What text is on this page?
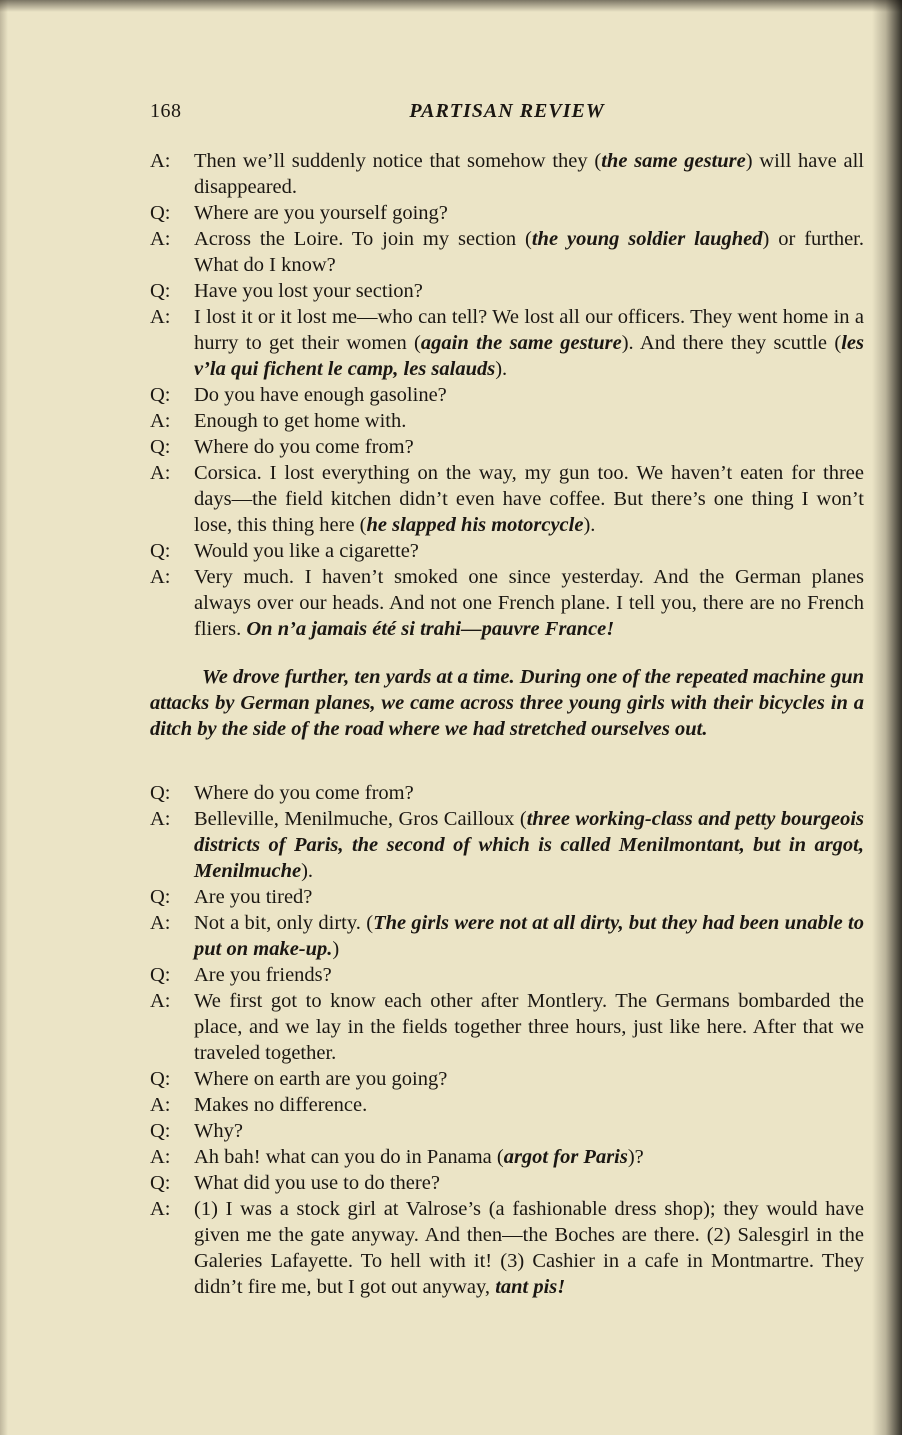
168	PARTISAN REVIEW
A:	Then we’ll suddenly notice that somehow they (the same gesture) will have all disappeared.
Q:	Where are you yourself going?
A:	Across the Loire. To join my section (the young soldier laughed) or further. What do I know?
Q:	Have you lost your section?
A:	I lost it or it lost me—who can tell? We lost all our officers. They went home in a hurry to get their women (again the same gesture). And there they scuttle (les v’la qui fichent le camp, les salauds).
Q:	Do you have enough gasoline?
A:	Enough to get home with.
Q:	Where do you come from?
A:	Corsica. I lost everything on the way, my gun too. We haven’t eaten for three days—the field kitchen didn’t even have coffee. But there’s one thing I won’t lose, this thing here (he slapped his motorcycle).
Q:	Would you like a cigarette?
A:	Very much. I haven’t smoked one since yesterday. And the German planes always over our heads. And not one French plane. I tell you, there are no French fliers. On n’a jamais été si trahi—pauvre France!
We drove further, ten yards at a time. During one of the repeated machine gun attacks by German planes, we came across three young girls with their bicycles in a ditch by the side of the road where we had stretched ourselves out.
Q:	Where do you come from?
A:	Belleville, Menilmuche, Gros Cailloux (three working-class and petty bourgeois districts of Paris, the second of which is called Menilmontant, but in argot, Menilmuche).
Q:	Are you tired?
A:	Not a bit, only dirty. (The girls were not at all dirty, but they had been unable to put on make-up.)
Q:	Are you friends?
A:	We first got to know each other after Montlery. The Germans bombarded the place, and we lay in the fields together three hours, just like here. After that we traveled together.
Q:	Where on earth are you going?
A:	Makes no difference.
Q:	Why?
A:	Ah bah! what can you do in Panama (argot for Paris)?
Q:	What did you use to do there?
A:	(1) I was a stock girl at Valrose’s (a fashionable dress shop); they would have given me the gate anyway. And then—the Boches are there. (2) Salesgirl in the Galeries Lafayette. To hell with it! (3) Cashier in a cafe in Montmartre. They didn’t fire me, but I got out anyway, tant pis!
